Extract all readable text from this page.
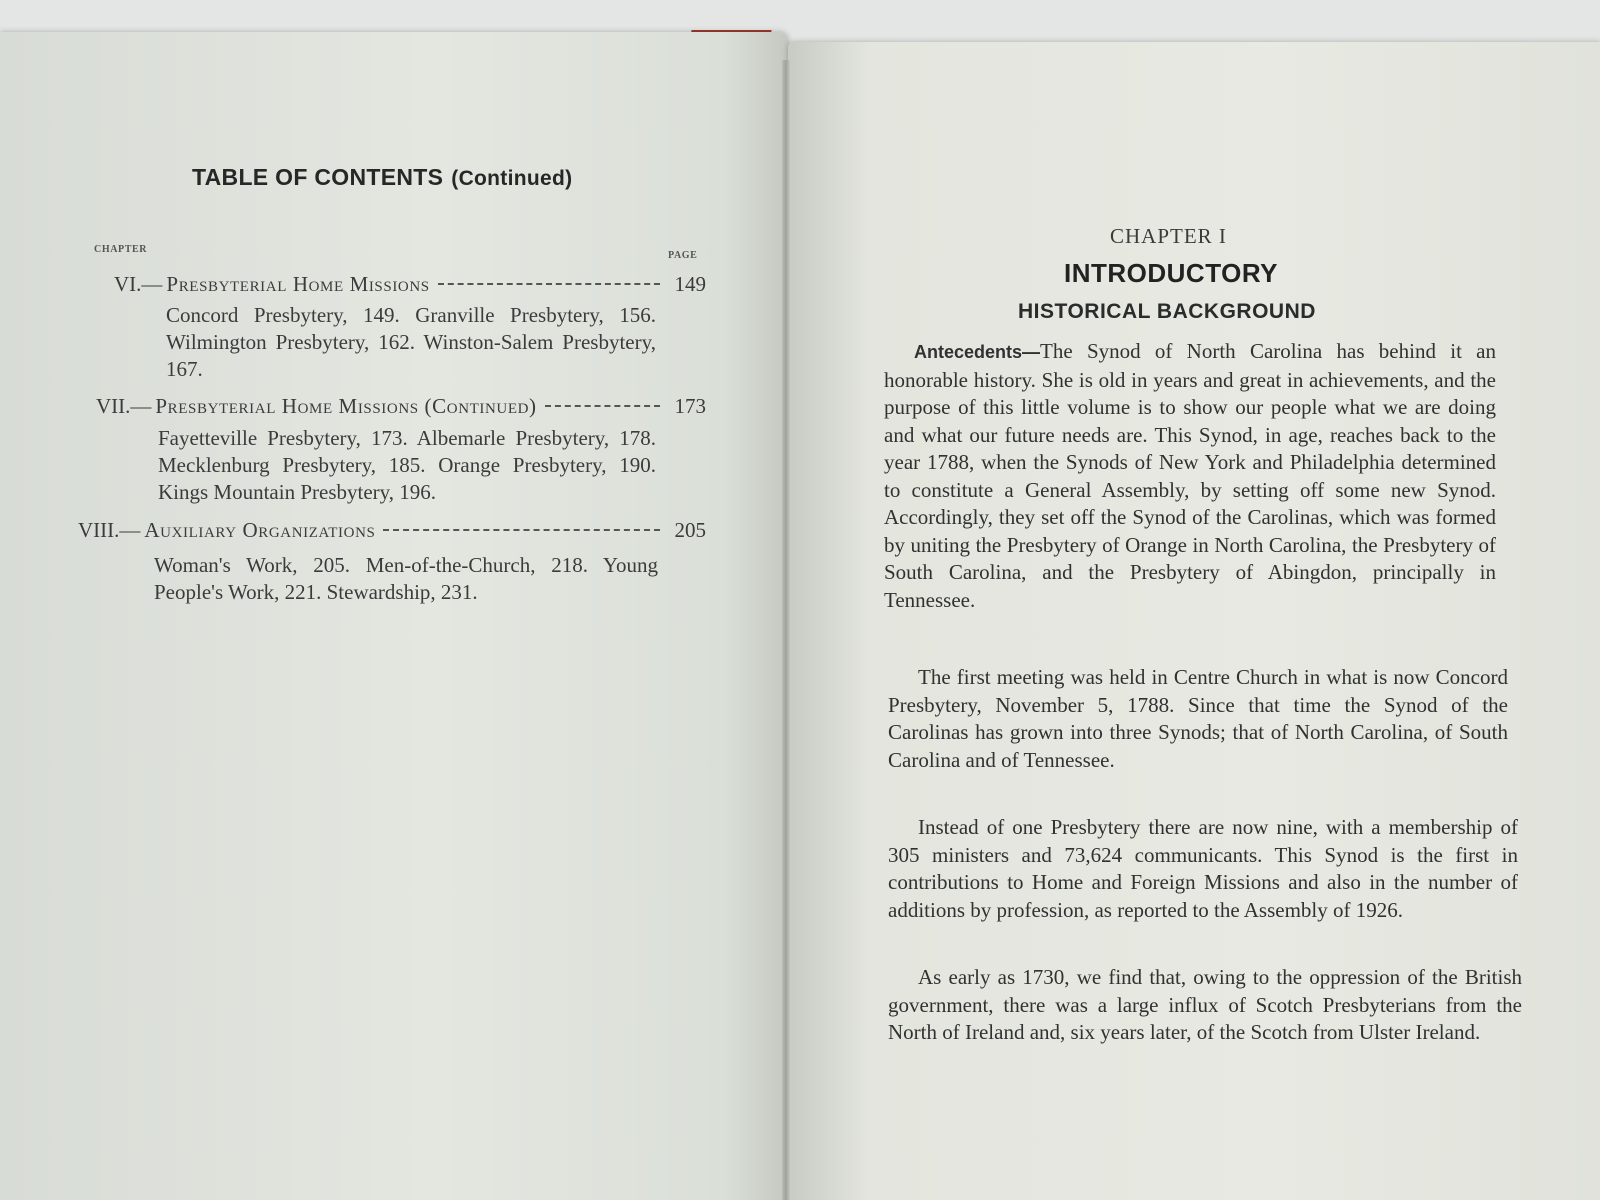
TABLE OF CONTENTS (Continued)
CHAPTER
PAGE
VI.— Presbyterial Home Missions	149
Concord Presbytery, 149. Granville Presbytery, 156. Wilmington Presbytery, 162. Winston-Salem Presbytery, 167.
VII.— Presbyterial Home Missions (Continued)	173
Fayetteville Presbytery, 173. Albemarle Presbytery, 178. Mecklenburg Presbytery, 185. Orange Presbytery, 190. Kings Mountain Presbytery, 196.
VIII.— Auxiliary Organizations	205
Woman's Work, 205. Men-of-the-Church, 218. Young People's Work, 221. Stewardship, 231.
CHAPTER I
INTRODUCTORY
HISTORICAL BACKGROUND
Antecedents—The Synod of North Carolina has behind it an honorable history. She is old in years and great in achievements, and the purpose of this little volume is to show our people what we are doing and what our future needs are. This Synod, in age, reaches back to the year 1788, when the Synods of New York and Philadelphia determined to constitute a General Assembly, by setting off some new Synod. Accordingly, they set off the Synod of the Carolinas, which was formed by uniting the Presbytery of Orange in North Carolina, the Presbytery of South Carolina, and the Presbytery of Abingdon, principally in Tennessee.
The first meeting was held in Centre Church in what is now Concord Presbytery, November 5, 1788. Since that time the Synod of the Carolinas has grown into three Synods; that of North Carolina, of South Carolina and of Tennessee.
Instead of one Presbytery there are now nine, with a membership of 305 ministers and 73,624 communicants. This Synod is the first in contributions to Home and Foreign Missions and also in the number of additions by profession, as reported to the Assembly of 1926.
As early as 1730, we find that, owing to the oppression of the British government, there was a large influx of Scotch Presbyterians from the North of Ireland and, six years later, of the Scotch from Ulster Ireland.
